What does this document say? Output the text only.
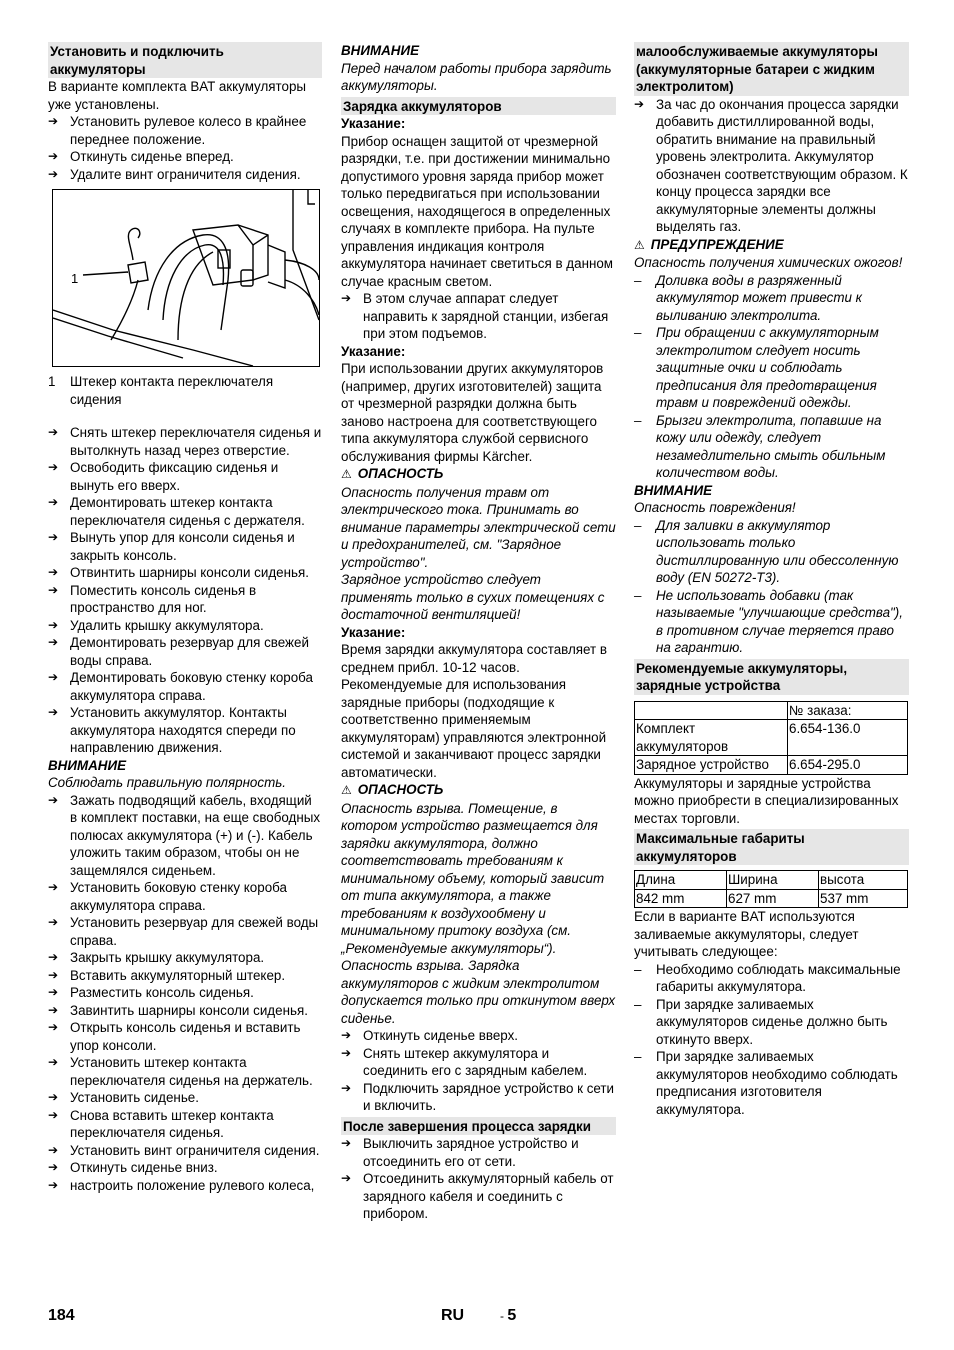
Установить и подключить аккумуляторы

В варианте комплекта BAT аккумуляторы уже установлены.

➔ Установить рулевое колесо в крайнее переднее положение.
➔ Откинуть сиденье вперед.
➔ Удалите винт ограничителя сидения.
1
1 Штекер контакта переключателя сидения
➔ Снять штекер переключателя сиденья и вытолкнуть назад через отверстие.
➔ Освободить фиксацию сиденья и вынуть его вверх.
➔ Демонтировать штекер контакта переключателя сиденья с держателя.
➔ Вынуть упор для консоли сиденья и закрыть консоль.
➔ Отвинтить шарниры консоли сиденья.
➔ Поместить консоль сиденья в пространство для ног.
➔ Удалить крышку аккумулятора.
➔ Демонтировать резервуар для свежей воды справа.
➔ Демонтировать боковую стенку короба аккумулятора справа.
➔ Установить аккумулятор. Контакты аккумулятора находятся спереди по направлению движения.

ВНИМАНИЕ

Соблюдать правильную полярность.

➔ Зажать подводящий кабель, входящий в комплект поставки, на еще свободных полюсах аккумулятора (+) и (-). Кабель уложить таким образом, чтобы он не защемлялся сиденьем.
➔ Установить боковую стенку короба аккумулятора справа.
➔ Установить резервуар для свежей воды справа.
➔ Закрыть крышку аккумулятора.
➔ Вставить аккумуляторный штекер.
➔ Разместить консоль сиденья.
➔ Завинтить шарниры консоли сиденья.
➔ Открыть консоль сиденья и вставить упор консоли.
➔ Установить штекер контакта переключателя сиденья на держатель.
➔ Установить сиденье.
➔ Снова вставить штекер контакта переключателя сиденья.
➔ Установить винт ограничителя сидения.
➔ Откинуть сиденье вниз.
➔ настроить положение рулевого колеса,

ВНИМАНИЕ

Перед началом работы прибора зарядить аккумуляторы.

Зарядка аккумуляторов

Указание:

Прибор оснащен защитой от чрезмерной разрядки, т.е. при достижении минимально допустимого уровня заряда прибор может только передвигаться при использовании освещения, находящегося в определенных случаях в комплекте прибора. На пульте управления индикация контроля аккумулятора начинает светиться в данном случае красным светом.

➔ В этом случае аппарат следует направить к зарядной станции, избегая при этом подъемов.

Указание:

При использовании других аккумуляторов (например, других изготовителей) защита от чрезмерной разрядки должна быть заново настроена для соответствующего типа аккумулятора службой сервисного обслуживания фирмы Kärcher.

⚠ ОПАСНОСТЬ

Опасность получения травм от электрического тока. Принимать во внимание параметры электрической сети и предохранителей, см. "Зарядное устройство".

Зарядное устройство следует применять только в сухих помещениях с достаточной вентиляцией!

Указание:

Время зарядки аккумулятора составляет в среднем прибл. 10-12 часов. Рекомендуемые для использования зарядные приборы (подходящие к соответственно применяемым аккумуляторам) управляются электронной системой и заканчивают процесс зарядки автоматически.

⚠ ОПАСНОСТЬ

Опасность взрыва. Помещение, в котором устройство размещается для зарядки аккумулятора, должно соответствовать требованиям к минимальному объему, который зависит от типа аккумулятора, а также требованиям к воздухообмену и минимальному притоку воздуха (см. „Рекомендуемые аккумуляторы“).

Опасность взрыва. Зарядка аккумуляторов с жидким электролитом допускается только при откинутом вверх сиденье.

➔ Откинуть сиденье вверх.
➔ Снять штекер аккумулятора и соединить его с зарядным кабелем.
➔ Подключить зарядное устройство к сети и включить.
После завершения процесса зарядки
➔ Выключить зарядное устройство и отсоединить его от сети.
➔ Отсоединить аккумуляторный кабель от зарядного кабеля и соединить с прибором.
малообслуживаемые аккумуляторы (аккумуляторные батареи с жидким электролитом)
➔ За час до окончания процесса зарядки добавить дистиллированной воды, обратить внимание на правильный уровень электролита. Аккумулятор обозначен соответствующим образом. К концу процесса зарядки все аккумуляторные элементы должны выделять газ.

⚠ ПРЕДУПРЕЖДЕНИЕ

Опасность получения химических ожогов!

– Доливка воды в разряженный аккумулятор может привести к выливанию электролита.
– При обращении с аккумуляторным электролитом следует носить защитные очки и соблюдать предписания для предотвращения травм и повреждений одежды.
– Брызги электролита, попавшие на кожу или одежду, следует незамедлительно смыть обильным количеством воды.

ВНИМАНИЕ

Опасность повреждения!

– Для заливки в аккумулятор использовать только дистиллированную или обессоленную воду (EN 50272-T3).
– Не использовать добавки (так называемые "улучшающие средства"), в противном случае теряется право на гарантию.
Рекомендуемые аккумуляторы, зарядные устройства
	№ заказа:
Комплект аккумуляторов	6.654-136.0
Зарядное устройство	6.654-295.0

Аккумуляторы и зарядные устройства можно приобрести в специализированных местах торговли.

Максимальные габариты аккумуляторов
Длина	Ширина	высота
842 mm	627 mm	537 mm

Если в варианте BAT используются заливаемые аккумуляторы, следует учитывать следующее:

– Необходимо соблюдать максимальные габариты аккумулятора.
– При зарядке заливаемых аккумуляторов сиденье должно быть откинуто вверх.
– При зарядке заливаемых аккумуляторов необходимо соблюдать предписания изготовителя аккумулятора.
184	RU	- 5
